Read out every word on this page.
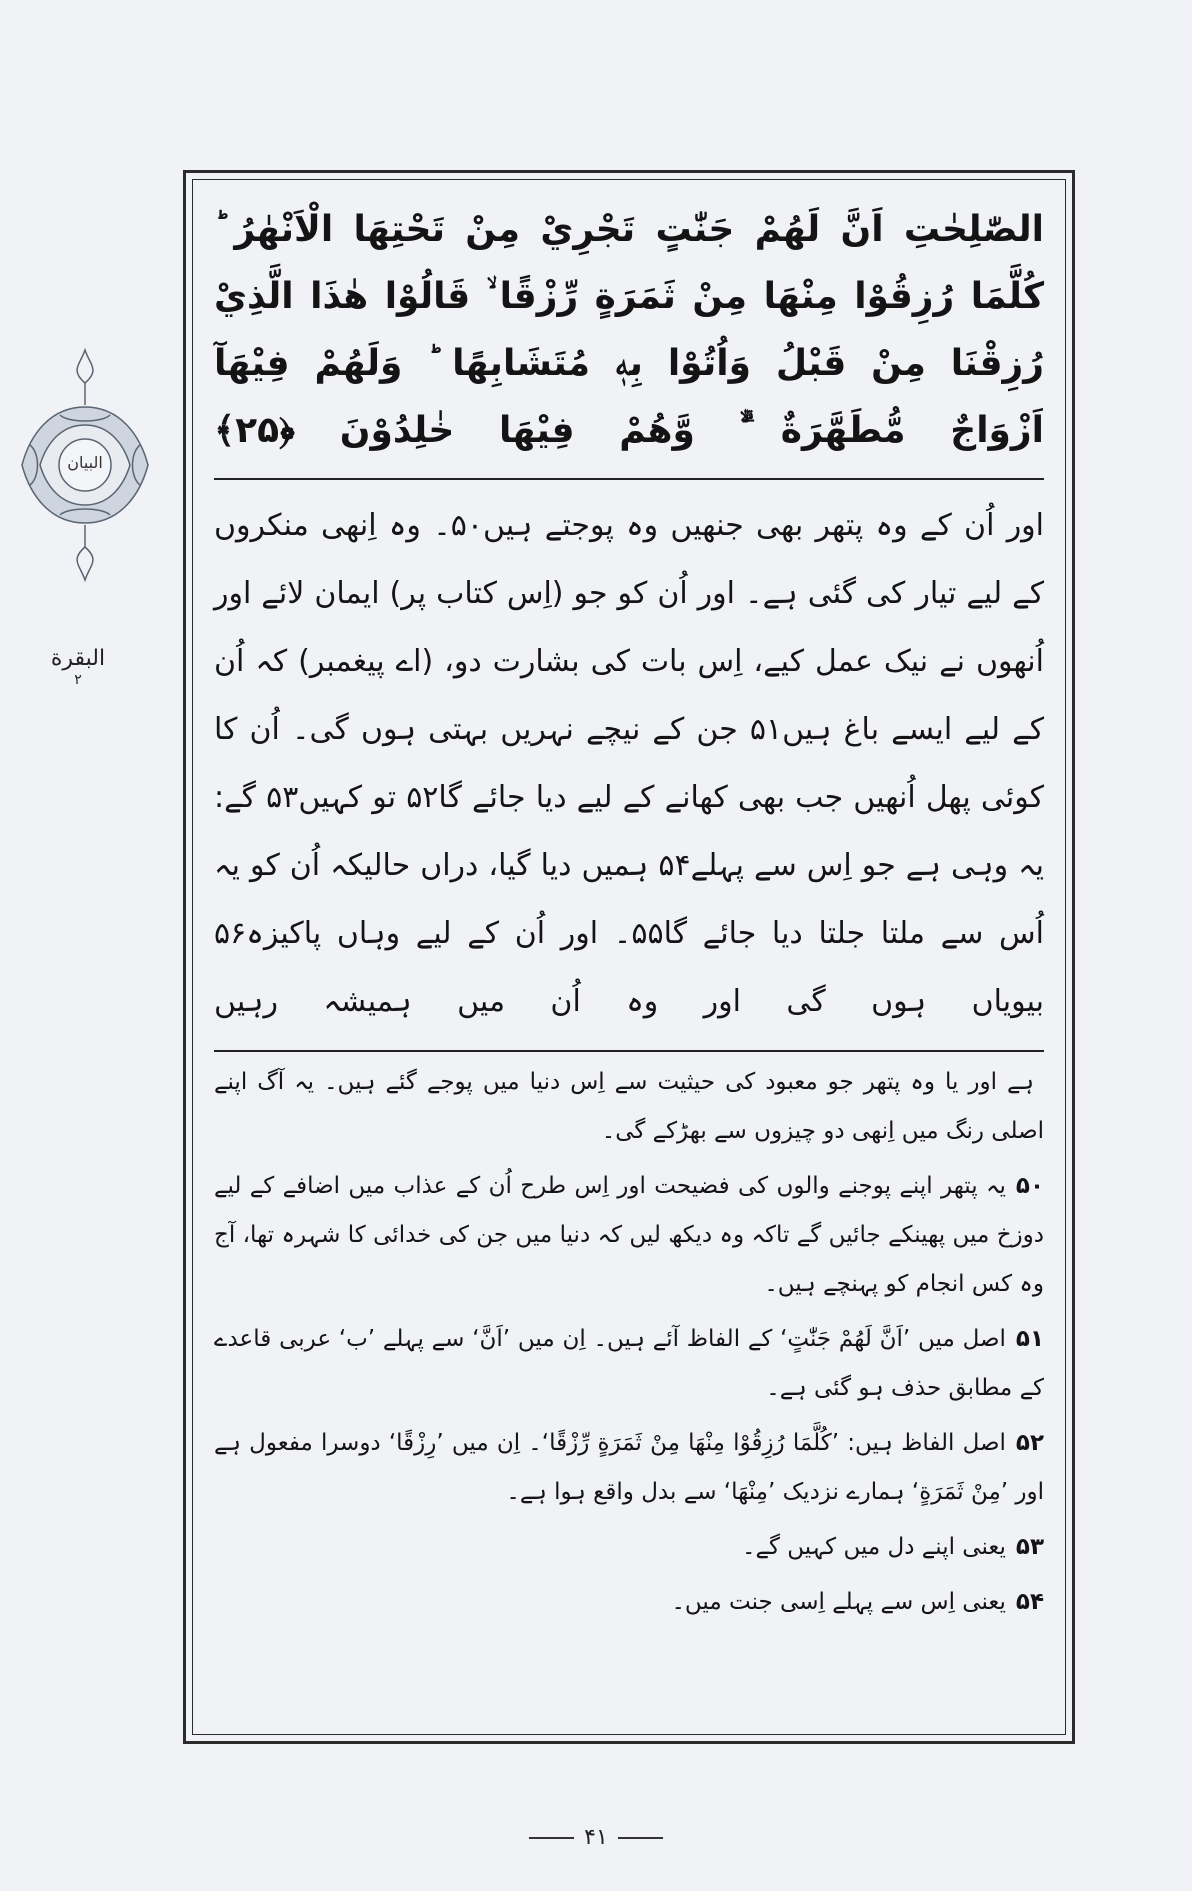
البیان
البقرة
۲

الصّٰلِحٰتِ اَنَّ لَهُمْ جَنّٰتٍ تَجْرِيْ مِنْ تَحْتِهَا الْاَنْهٰرُ ؕ كُلَّمَا رُزِقُوْا مِنْهَا مِنْ ثَمَرَةٍ رِّزْقًا ۙ قَالُوْا هٰذَا الَّذِيْ رُزِقْنَا مِنْ قَبْلُ وَاُتُوْا بِهٖ مُتَشَابِهًا ؕ وَلَهُمْ فِيْهَآ اَزْوَاجٌ مُّطَهَّرَةٌ ۙۗ وَّهُمْ فِيْهَا خٰلِدُوْنَ ﴿۲۵﴾

اور اُن کے وہ پتھر بھی جنھیں وہ پوجتے ہیں۵۰۔ وہ اِنھی منکروں کے لیے تیار کی گئی ہے۔ اور اُن کو جو (اِس کتاب پر) ایمان لائے اور اُنھوں نے نیک عمل کیے، اِس بات کی بشارت دو، (اے پیغمبر) کہ اُن کے لیے ایسے باغ ہیں۵۱ جن کے نیچے نہریں بہتی ہوں گی۔ اُن کا کوئی پھل اُنھیں جب بھی کھانے کے لیے دیا جائے گا۵۲ تو کہیں۵۳ گے: یہ وہی ہے جو اِس سے پہلے۵۴ ہمیں دیا گیا، دراں حالیکہ اُن کو یہ اُس سے ملتا جلتا دیا جائے گا۵۵۔ اور اُن کے لیے وہاں پاکیزہ۵۶ بیویاں ہوں گی اور وہ اُن میں ہمیشہ رہیں

ہے اور یا وہ پتھر جو معبود کی حیثیت سے اِس دنیا میں پوجے گئے ہیں۔ یہ آگ اپنے اصلی رنگ میں اِنھی دو چیزوں سے بھڑکے گی۔

۵۰یہ پتھر اپنے پوجنے والوں کی فضیحت اور اِس طرح اُن کے عذاب میں اضافے کے لیے دوزخ میں پھینکے جائیں گے تاکہ وہ دیکھ لیں کہ دنیا میں جن کی خدائی کا شہرہ تھا، آج وہ کس انجام کو پہنچے ہیں۔

۵۱اصل میں ’اَنَّ لَهُمْ جَنّٰتٍ‘ کے الفاظ آئے ہیں۔ اِن میں ’اَنَّ‘ سے پہلے ’ب‘ عربی قاعدے کے مطابق حذف ہو گئی ہے۔

۵۲اصل الفاظ ہیں: ’كُلَّمَا رُزِقُوْا مِنْهَا مِنْ ثَمَرَةٍ رِّزْقًا‘۔ اِن میں ’رِزْقًا‘ دوسرا مفعول ہے اور ’مِنْ ثَمَرَةٍ‘ ہمارے نزدیک ’مِنْهَا‘ سے بدل واقع ہوا ہے۔

۵۳یعنی اپنے دل میں کہیں گے۔

۵۴یعنی اِس سے پہلے اِسی جنت میں۔

۴۱
